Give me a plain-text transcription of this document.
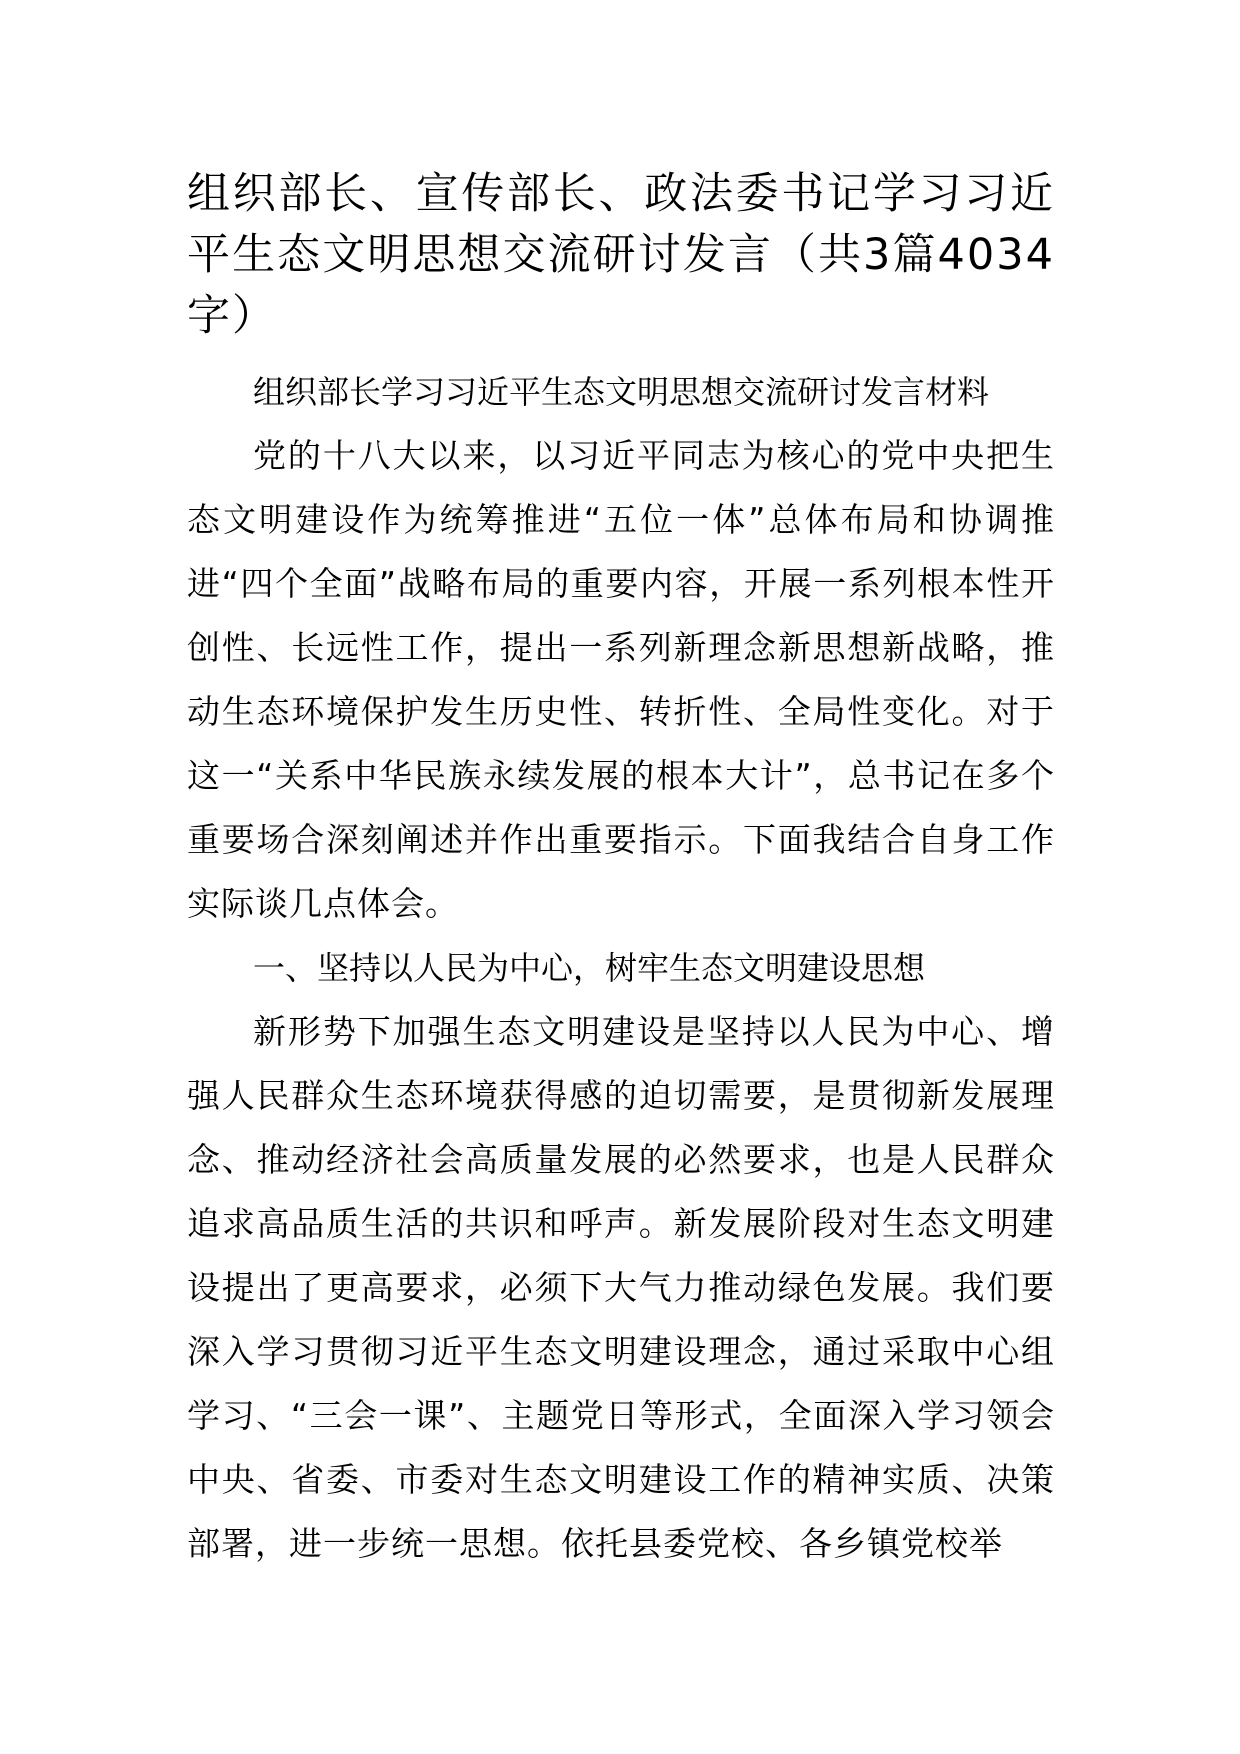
组织部长、宣传部长、政法委书记学习习近平生态文明思想交流研讨发言（共3篇4034字）

组织部长学习习近平生态文明思想交流研讨发言材料

党的十八大以来，以习近平同志为核心的党中央把生态文明建设作为统筹推进“五位一体”总体布局和协调推进“四个全面”战略布局的重要内容，开展一系列根本性开创性、长远性工作，提出一系列新理念新思想新战略，推动生态环境保护发生历史性、转折性、全局性变化。对于这一“关系中华民族永续发展的根本大计”，总书记在多个重要场合深刻阐述并作出重要指示。下面我结合自身工作实际谈几点体会。

一、坚持以人民为中心，树牢生态文明建设思想

新形势下加强生态文明建设是坚持以人民为中心、增强人民群众生态环境获得感的迫切需要，是贯彻新发展理念、推动经济社会高质量发展的必然要求，也是人民群众追求高品质生活的共识和呼声。新发展阶段对生态文明建设提出了更高要求，必须下大气力推动绿色发展。我们要深入学习贯彻习近平生态文明建设理念，通过采取中心组学习、“三会一课”、主题党日等形式，全面深入学习领会中央、省委、市委对生态文明建设工作的精神实质、决策部署，进一步统一思想。依托县委党校、各乡镇党校举
